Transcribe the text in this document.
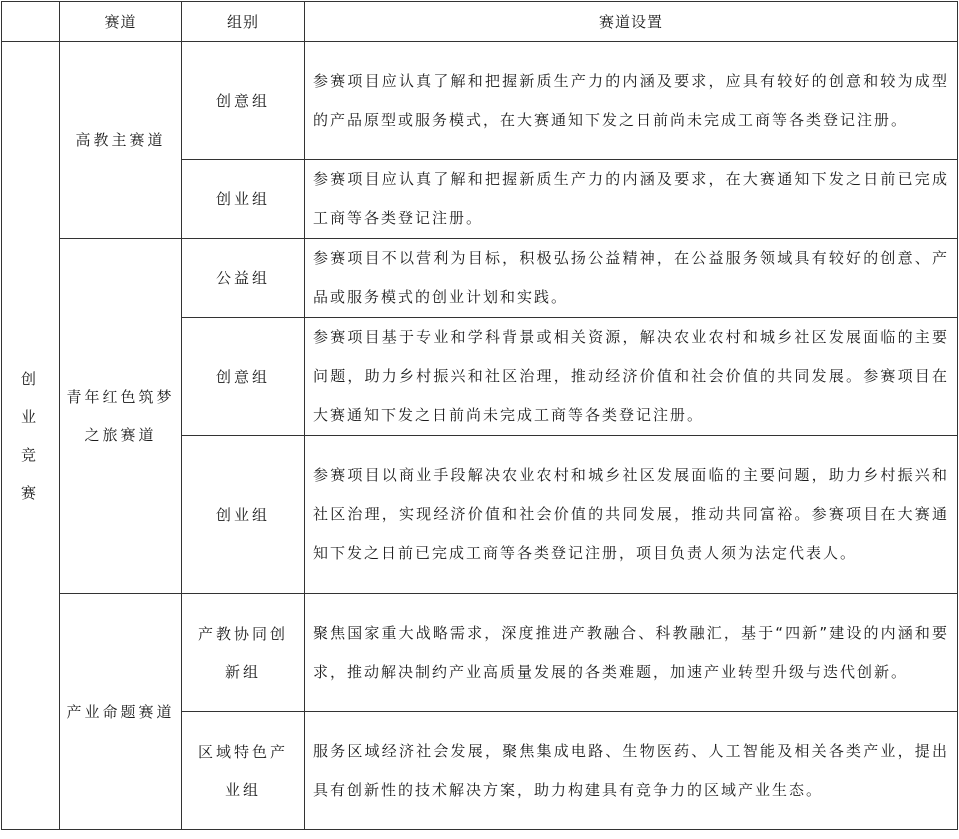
	赛道	组别	赛道设置
创业竞赛	高教主赛道	创意组	参赛项目应认真了解和把握新质生产力的内涵及要求，应具有较好的创意和较为成型的产品原型或服务模式，在大赛通知下发之日前尚未完成工商等各类登记注册。
		创业组	参赛项目应认真了解和把握新质生产力的内涵及要求，在大赛通知下发之日前已完成工商等各类登记注册。
	青年红色筑梦之旅赛道	公益组	参赛项目不以营利为目标，积极弘扬公益精神，在公益服务领域具有较好的创意、产品或服务模式的创业计划和实践。
		创意组	参赛项目基于专业和学科背景或相关资源，解决农业农村和城乡社区发展面临的主要问题，助力乡村振兴和社区治理，推动经济价值和社会价值的共同发展。参赛项目在大赛通知下发之日前尚未完成工商等各类登记注册。
		创业组	参赛项目以商业手段解决农业农村和城乡社区发展面临的主要问题，助力乡村振兴和社区治理，实现经济价值和社会价值的共同发展，推动共同富裕。参赛项目在大赛通知下发之日前已完成工商等各类登记注册，项目负责人须为法定代表人。
	产业命题赛道	产教协同创新组	聚焦国家重大战略需求，深度推进产教融合、科教融汇，基于“四新”建设的内涵和要求，推动解决制约产业高质量发展的各类难题，加速产业转型升级与迭代创新。
		区域特色产业组	服务区域经济社会发展，聚焦集成电路、生物医药、人工智能及相关各类产业，提出具有创新性的技术解决方案，助力构建具有竞争力的区域产业生态。
